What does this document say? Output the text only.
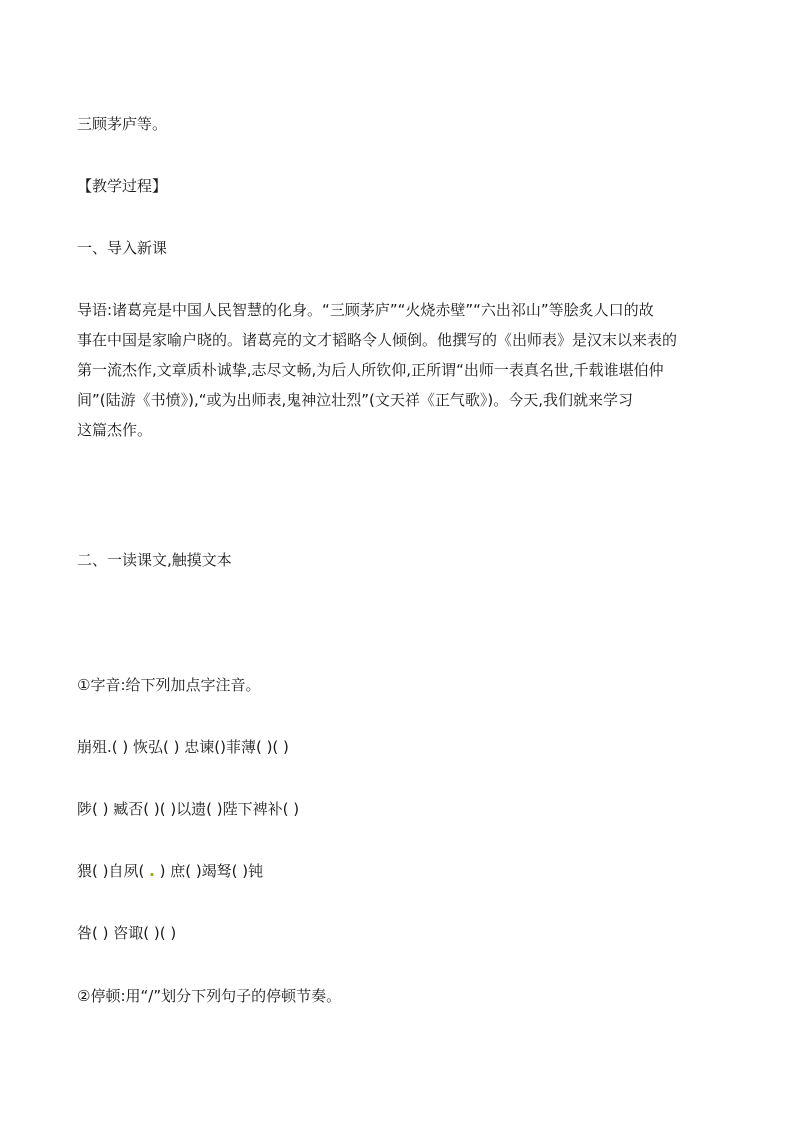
三顾茅庐等。
【教学过程】
一、导入新课
导语:诸葛亮是中国人民智慧的化身。“三顾茅庐”“火烧赤壁”“六出祁山”等脍炙人口的故
事在中国是家喻户晓的。诸葛亮的文才韬略令人倾倒。他撰写的《出师表》是汉末以来表的
第一流杰作,文章质朴诚挚,志尽文畅,为后人所钦仰,正所谓“出师一表真名世,千载谁堪伯仲
间”(陆游《书愤》),“或为出师表,鬼神泣壮烈”(文天祥《正气歌》)。今天,我们就来学习
这篇杰作。
二、一读课文,触摸文本
①字音:给下列加点字注音。
崩殂.( ) 恢弘( ) 忠谏()菲薄( )( )
陟( ) 臧否( )( )以遗( )陛下裨补( )
猥( )自夙( . ) 庶( )竭驽( )钝
咎( ) 咨诹( )( )
②停顿:用“/”划分下列句子的停顿节奏。
